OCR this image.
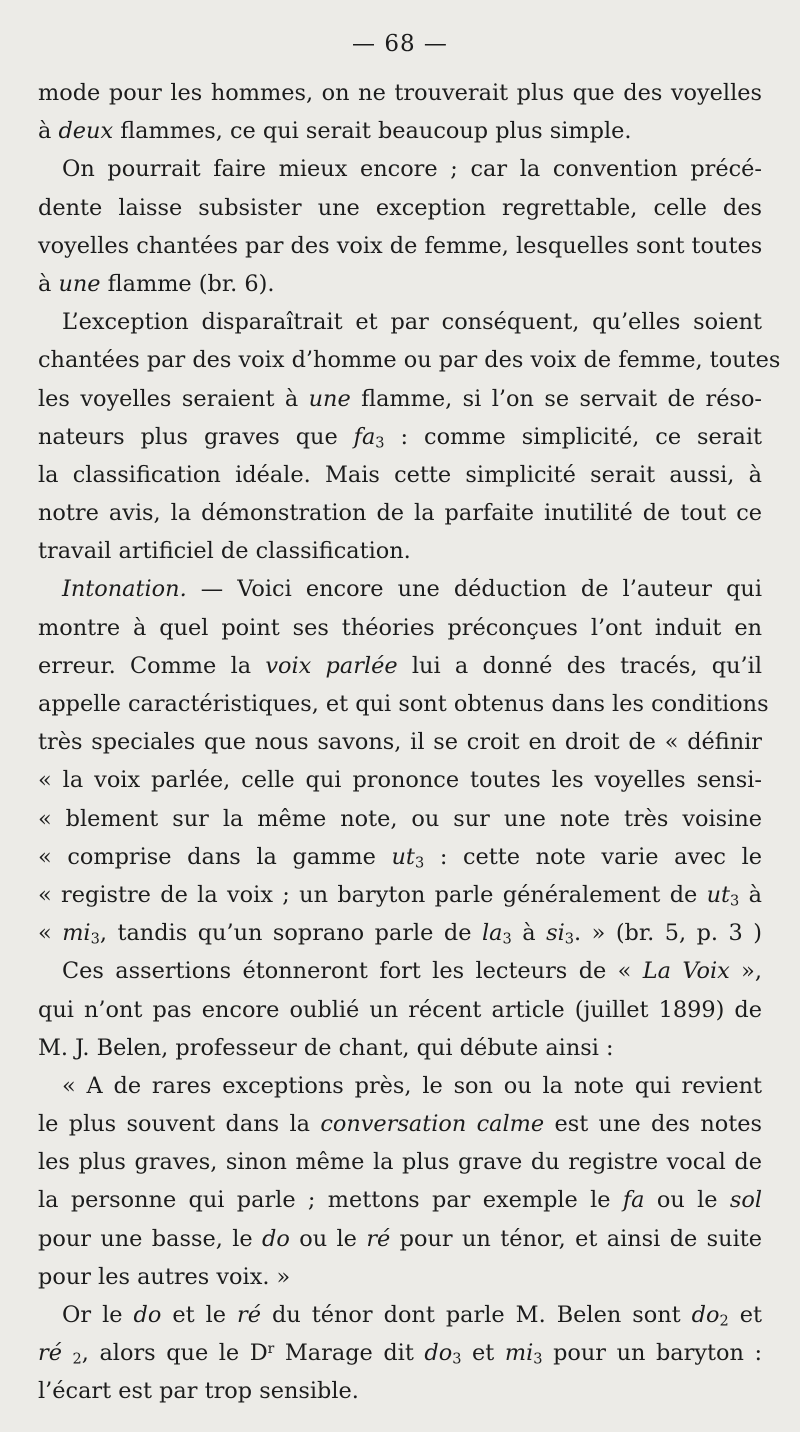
— 68 —
mode pour les hommes, on ne trouverait plus que des voyelles
à deux flammes, ce qui serait beaucoup plus simple.
On pourrait faire mieux encore ; car la convention précé-
dente laisse subsister une exception regrettable, celle des
voyelles chantées par des voix de femme, lesquelles sont toutes
à une flamme (br. 6).
L’exception disparaîtrait et par conséquent, qu’elles soient
chantées par des voix d’homme ou par des voix de femme, toutes
les voyelles seraient à une flamme, si l’on se servait de réso-
nateurs plus graves que $fa_3$ : comme simplicité, ce serait
la classification idéale. Mais cette simplicité serait aussi, à
notre avis, la démonstration de la parfaite inutilité de tout ce
travail artificiel de classification.
Intonation. — Voici encore une déduction de l’auteur qui
montre à quel point ses théories préconçues l’ont induit en
erreur. Comme la voix parlée lui a donné des tracés, qu’il
appelle caractéristiques, et qui sont obtenus dans les conditions
très speciales que nous savons, il se croit en droit de « définir
« la voix parlée, celle qui prononce toutes les voyelles sensi-
« blement sur la même note, ou sur une note très voisine
« comprise dans la gamme $ut_3$ : cette note varie avec le
« registre de la voix ; un baryton parle généralement de $ut_3$ à
« $mi_3$, tandis qu’un soprano parle de $la_3$ à $si_3$. » (br. 5, p. 3 )
Ces assertions étonneront fort les lecteurs de « La Voix »,
qui n’ont pas encore oublié un récent article (juillet 1899) de
M. J. Belen, professeur de chant, qui débute ainsi :
« A de rares exceptions près, le son ou la note qui revient
le plus souvent dans la conversation calme est une des notes
les plus graves, sinon même la plus grave du registre vocal de
la personne qui parle ; mettons par exemple le fa ou le sol
pour une basse, le do ou le ré pour un ténor, et ainsi de suite
pour les autres voix. »
Or le do et le ré du ténor dont parle M. Belen sont $do_2$ et
ré $_2$, alors que le $D^r$ Marage dit $do_3$ et $mi_3$ pour un baryton :
l’écart est par trop sensible.
